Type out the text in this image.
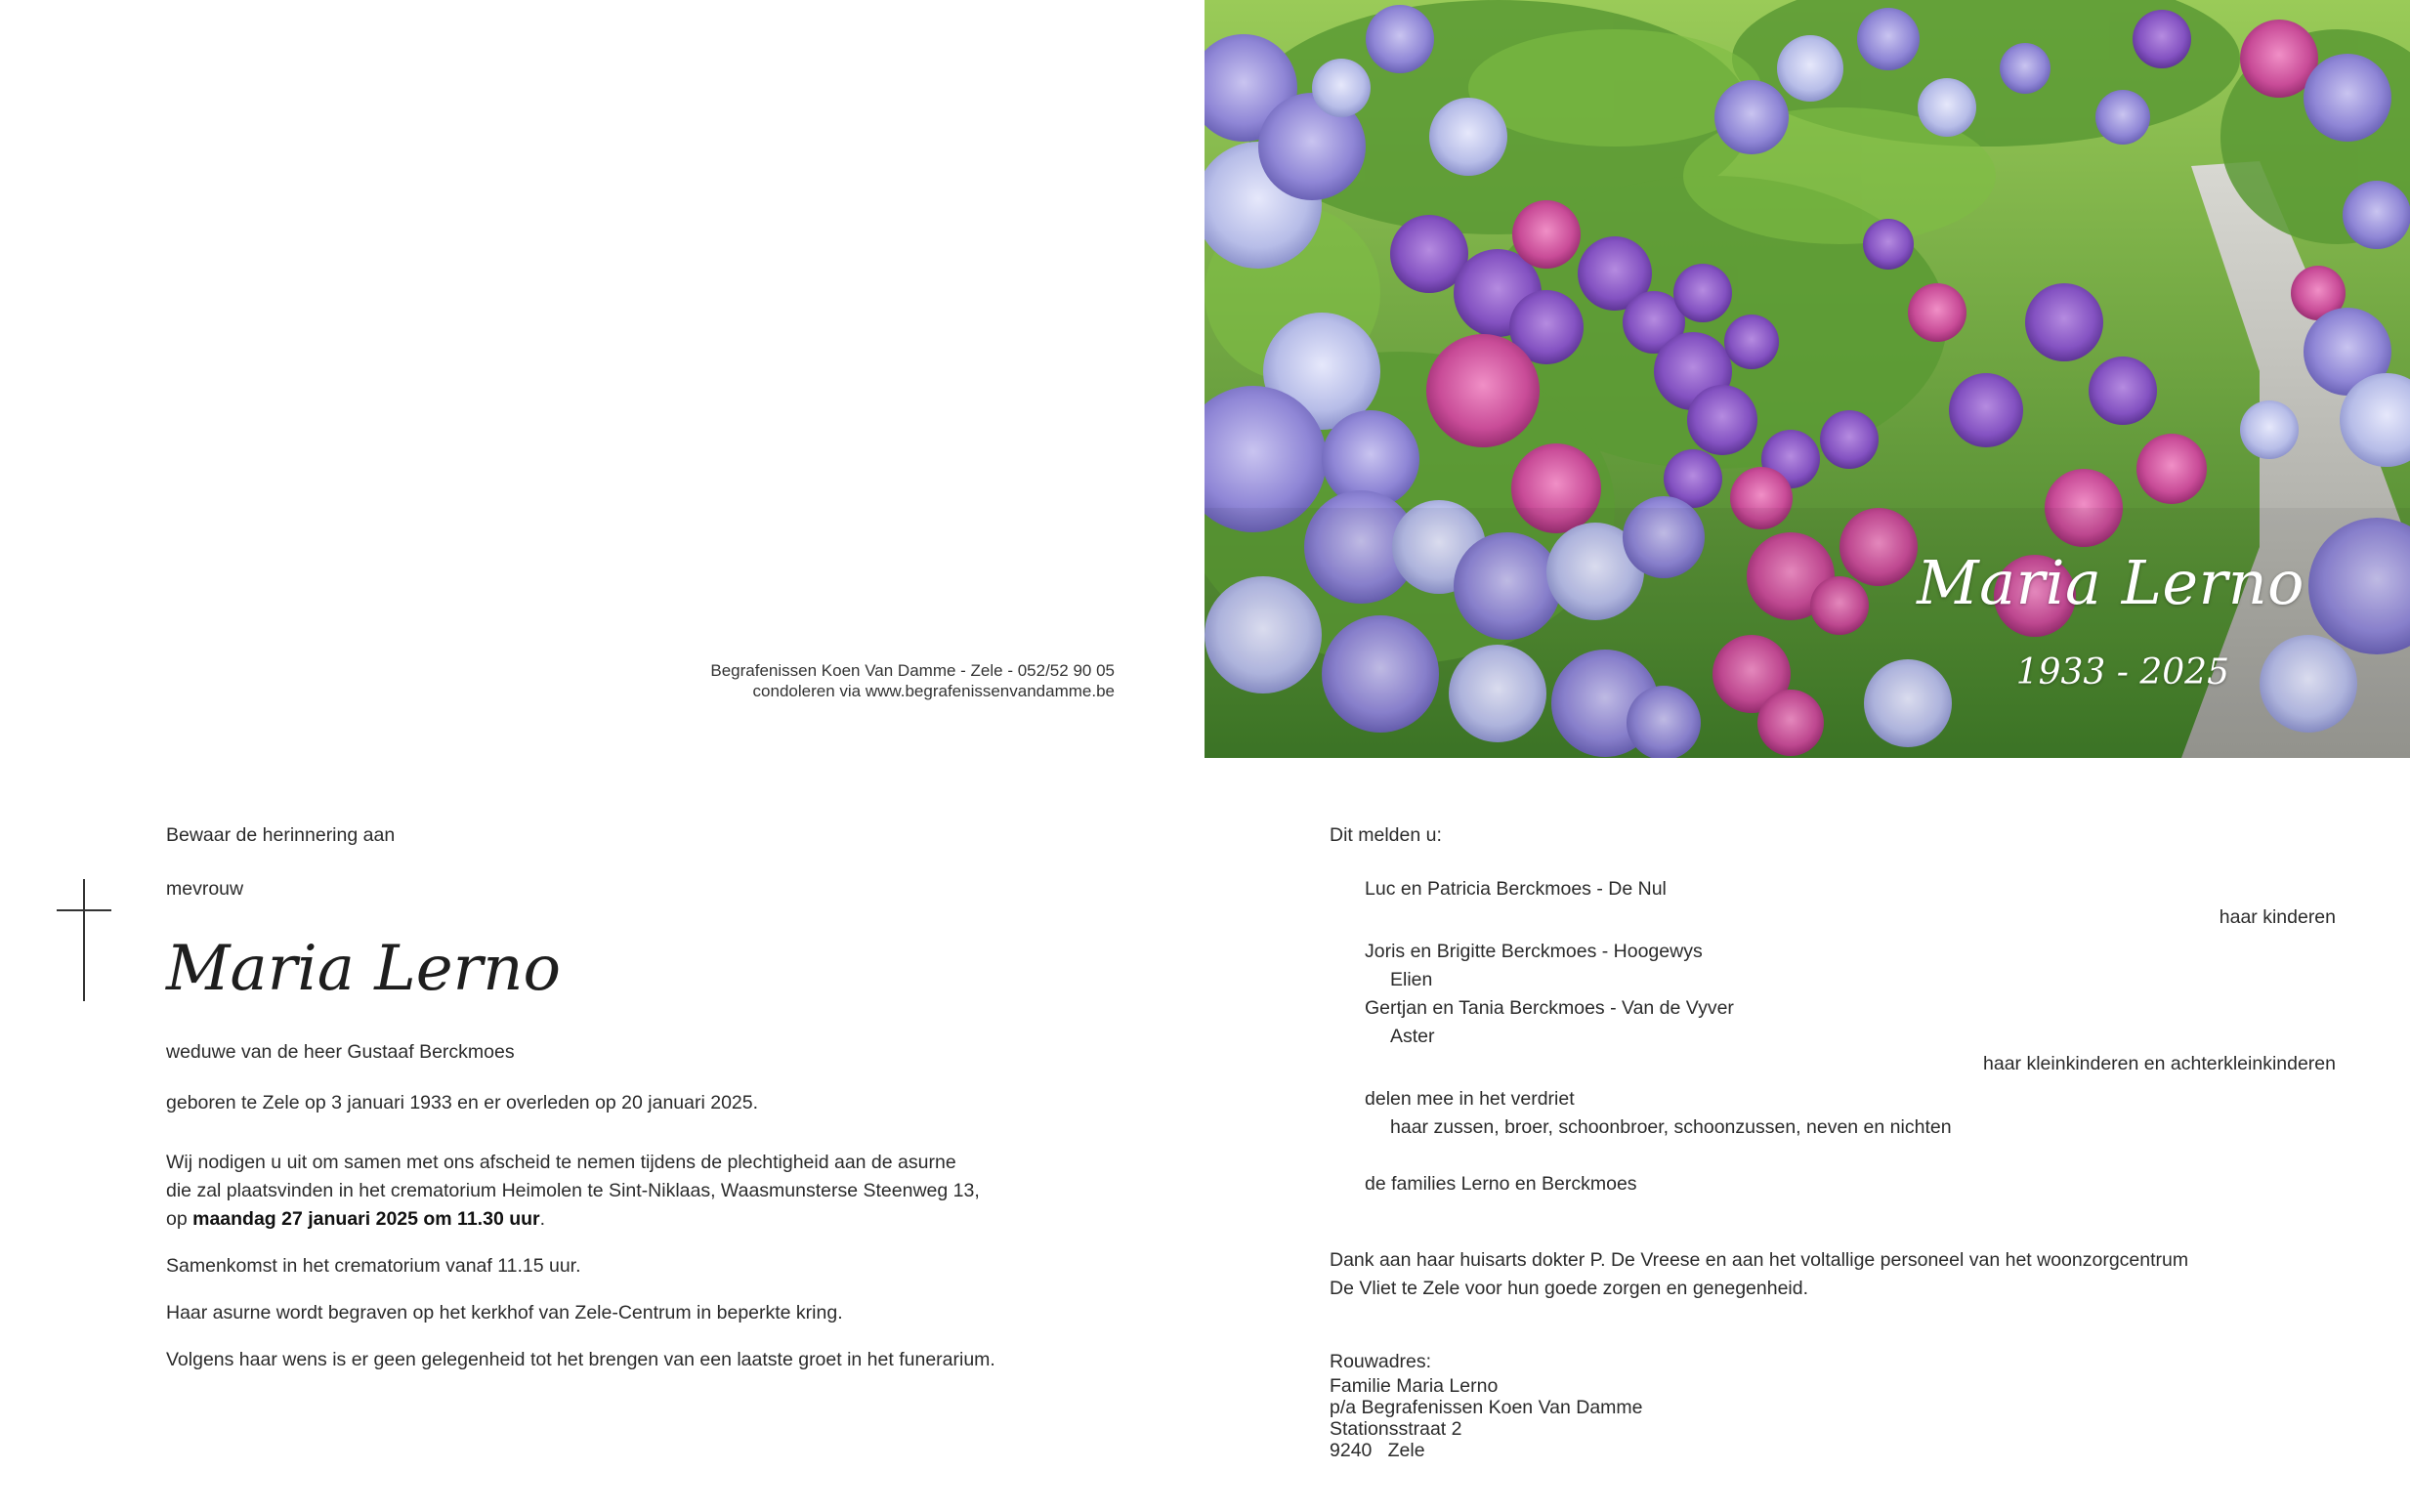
Begrafenissen Koen Van Damme - Zele - 052/52 90 05
condoleren via www.begrafenissenvandamme.be
Maria Lerno
1933 - 2025
Bewaar de herinnering aan
mevrouw
Maria Lerno
weduwe van de heer Gustaaf Berckmoes
geboren te Zele op 3 januari 1933 en er overleden op 20 januari 2025.
Wij nodigen u uit om samen met ons afscheid te nemen tijdens de plechtigheid aan de asurne
die zal plaatsvinden in het crematorium Heimolen te Sint-Niklaas, Waasmunsterse Steenweg 13,
op maandag 27 januari 2025 om 11.30 uur.
Samenkomst in het crematorium vanaf 11.15 uur.
Haar asurne wordt begraven op het kerkhof van Zele-Centrum in beperkte kring.
Volgens haar wens is er geen gelegenheid tot het brengen van een laatste groet in het funerarium.
Dit melden u:
Luc en Patricia Berckmoes - De Nul
haar kinderen
Joris en Brigitte Berckmoes - Hoogewys
Elien
Gertjan en Tania Berckmoes - Van de Vyver
Aster
haar kleinkinderen en achterkleinkinderen
delen mee in het verdriet
haar zussen, broer, schoonbroer, schoonzussen, neven en nichten
de families Lerno en Berckmoes
Dank aan haar huisarts dokter P. De Vreese en aan het voltallige personeel van het woonzorgcentrum
De Vliet te Zele voor hun goede zorgen en genegenheid.
Rouwadres:
Familie Maria Lerno
p/a Begrafenissen Koen Van Damme
Stationsstraat 2
9240   Zele
